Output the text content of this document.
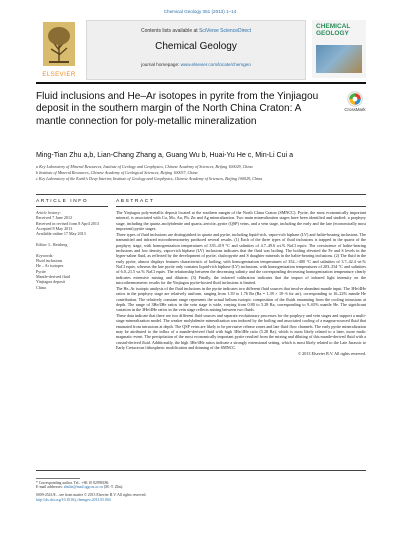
Chemical Geology 351 (2013) 1–14
ELSEVIER
Contents lists available at SciVerse ScienceDirect
Chemical Geology
journal homepage: www.elsevier.com/locate/chemgeo
CHEMICAL GEOLOGY
Fluid inclusions and He–Ar isotopes in pyrite from the Yinjiagou deposit in the southern margin of the North China Craton: A mantle connection for poly-metallic mineralization
CrossMark
Ming-Tian Zhu a,b, Lian-Chang Zhang a, Guang Wu b, Huai-Yu He c, Min-Li Cui a
a Key Laboratory of Mineral Resources, Institute of Geology and Geophysics, Chinese Academy of Sciences, Beijing 100029, China
b Institute of Mineral Resources, Chinese Academy of Geological Sciences, Beijing 100037, China
c Key Laboratory of the Earth's Deep Interior, Institute of Geology and Geophysics, Chinese Academy of Sciences, Beijing 100029, China
ARTICLE INFO	ABSTRACT
Article history:
Received 7 June 2012
Received in revised form 8 April 2013
Accepted 8 May 2013
Available online 17 May 2013
Editor: L. Reisberg
Keywords:
Fluid inclusions
He – Ar isotopes
Pyrite
Mantle-derived fluid
Yinjiagou deposit
China

The Yinjiagou poly-metallic deposit located at the southern margin of the North China Craton (SMNCC). Pyrite, the most economically important mineral, is associated with Cu, Mo, Au, Pb, Zn and Ag mineralization. Two main mineralization stages have been identified and studied: a porphyry stage, including the quartz–molybdenite and quartz–sericite–pyrite (QSP) veins, and a vein stage, including the early and the late (economically most important) pyrite stages.

Three types of fluid inclusions are distinguished in quartz and pyrite, including liquid-rich, vapor-rich biphase (LV) and halite-bearing inclusions. The transmitted and infrared microthermometry produced several results. (1) Each of the three types of fluid inclusions is trapped in the quartz of the porphyry stage, with homogenization temperatures of 335–419 °C and salinities of 4.7–49.6 wt.% NaCl equiv. The coexistence of halite-bearing inclusions and low density, vapor-rich biphase (LV) inclusions indicates that the fluid was boiling. The boiling elevated the Fe and S levels in the hyper-saline fluid, as reflected by the development of pyrite, chalcopyrite and S daughter minerals in the halite-bearing inclusions. (2) The fluid in the early pyrite, almost displays features characteristic of boiling, with homogenization temperatures of 352–>400 °C and salinities of 3.7–42.4 wt.% NaCl equiv, whereas the late pyrite only contains liquid-rich biphase (LV) inclusions, with homogenization temperatures of 203–354 °C and salinities of 6.0–21.5 wt.% NaCl equiv. The relationship between the decreasing salinity and the corresponding decreasing homogenization temperature clearly indicates extensive mixing and dilution. (3) Finally, the infrared calibration indicates that the impact of infrared light intensity on the microthermometric results for the Yinjiagou pyrite-hosted fluid inclusions is limited.

The He–Ar isotopic analysis of the fluid inclusions in the pyrite indicates two different fluid sources that involve abundant mantle input. The 3He/4He ratios in the porphyry stage are relatively uniform, ranging from 1.39 to 1.76 Ra (Ra = 1.39 × 10−6 for air), corresponding to 16–22% mantle He contribution. The relatively constant range represents the actual helium isotopic composition of the fluids emanating from the cooling intrusions at depth. The range of 3He/4He ratios in the vein stage is wide, varying from 0.80 to 5.28 Ra, corresponding to 9–65% mantle He. The significant variation in the 3He/4He ratios in the vein stage reflects mixing between two fluids.

These data indicate that there are two different fluid sources and separate evolutionary processes for the porphyry and vein stages and support a multi-stage mineralization model. The weaker molybdenite mineralization was induced by the boiling and associated cooling of a magma-sourced fluid that emanated from intrusions at depth. The QSP veins are likely to be pervasive release zones and late fluid flow channels. The early pyrite mineralization may be attributed to the influx of a mantle-derived fluid with high 3He/4He ratio (5.28 Ra), which is most likely related to a later, more mafic magmatic event. The precipitation of the most economically important pyrite resulted from the mixing and diluting of this mantle-derived fluid with a crustal-derived fluid. Additionally, the high 3He/4He ratios indicate a strongly extensional setting, which is most likely related to the Late Jurassic to Early Cretaceous lithospheric modification and thinning of the SMNCC.

© 2013 Elsevier B.V. All rights reserved.
* Corresponding author. Tel.: +86 10 82998186.
E-mail addresses: zhulin@mail.iggcas.ac.cn (M.-T. Zhu).
0009-2541/$ – see front matter © 2013 Elsevier B.V. All rights reserved.
http://dx.doi.org/10.1016/j.chemgeo.2013.05.004
